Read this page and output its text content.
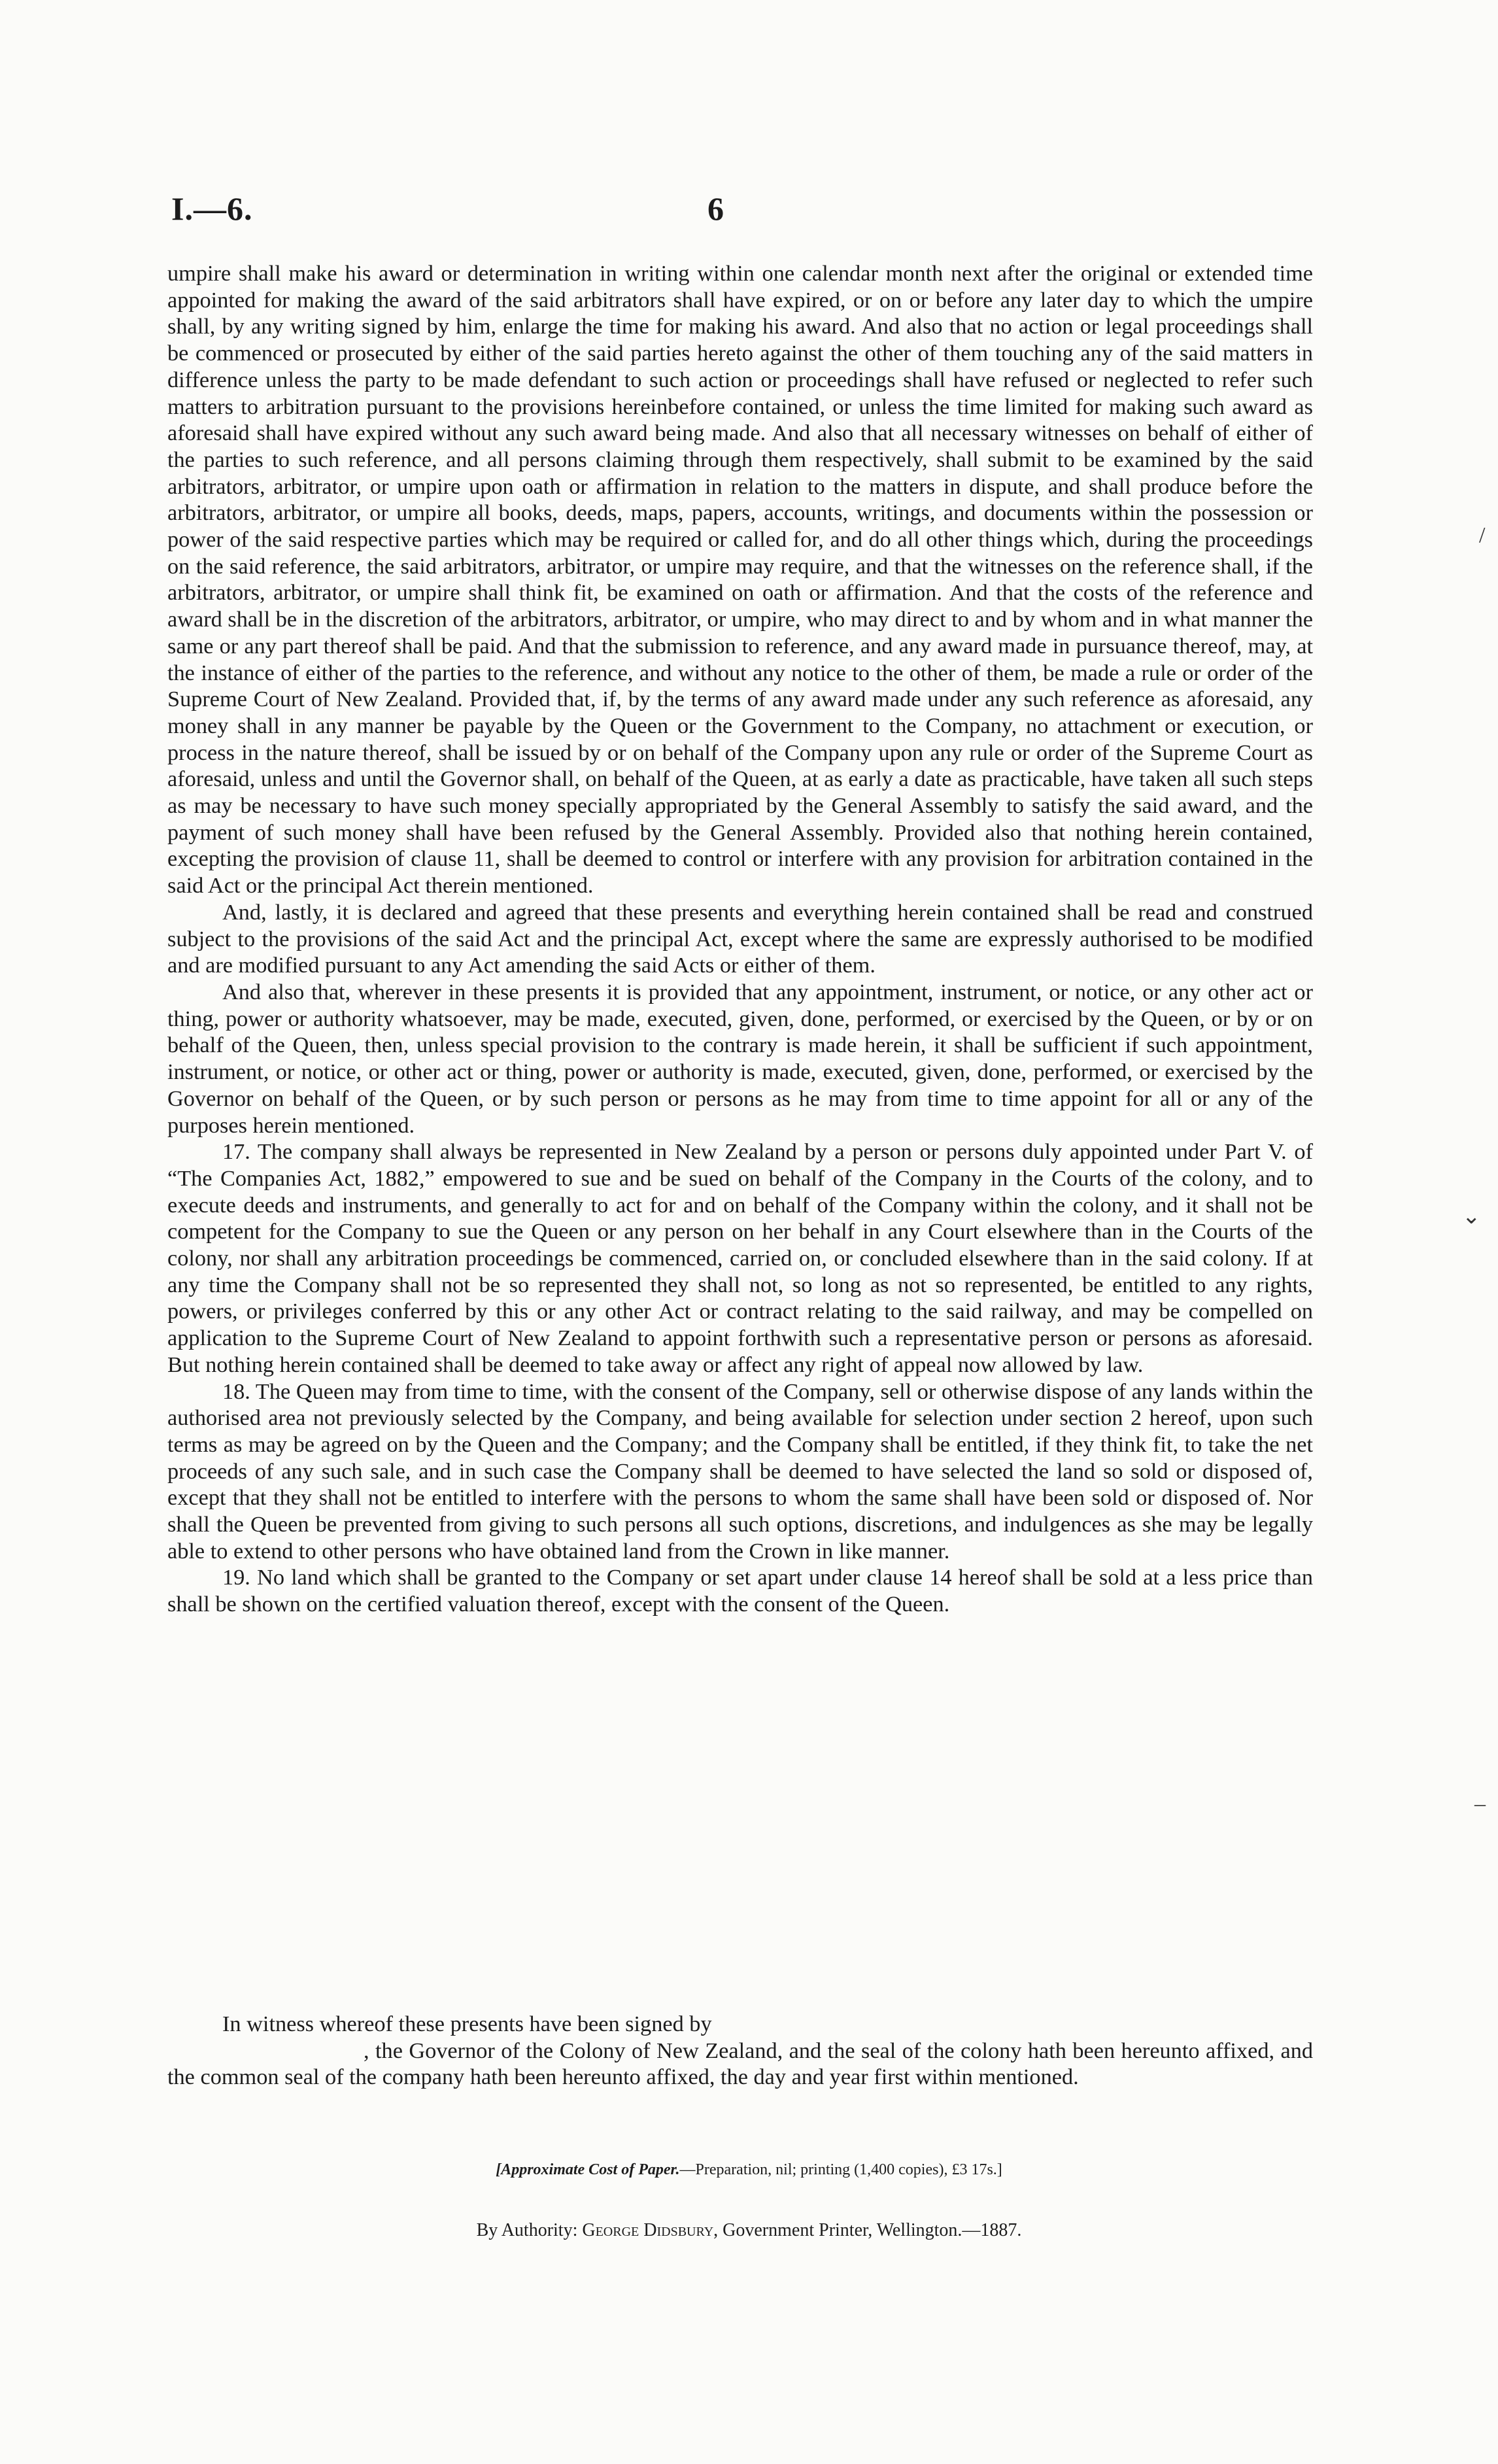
I.—6.	6

umpire shall make his award or determination in writing within one calendar month next after the original or extended time appointed for making the award of the said arbitrators shall have expired, or on or before any later day to which the umpire shall, by any writing signed by him, enlarge the time for making his award. And also that no action or legal proceedings shall be commenced or prosecuted by either of the said parties hereto against the other of them touching any of the said matters in difference unless the party to be made defendant to such action or proceedings shall have refused or neglected to refer such matters to arbitration pursuant to the provisions hereinbefore contained, or unless the time limited for making such award as aforesaid shall have expired without any such award being made. And also that all necessary witnesses on behalf of either of the parties to such reference, and all persons claiming through them respectively, shall submit to be examined by the said arbitrators, arbitrator, or umpire upon oath or affirmation in relation to the matters in dispute, and shall produce before the arbitrators, arbitrator, or umpire all books, deeds, maps, papers, accounts, writings, and documents within the possession or power of the said respective parties which may be required or called for, and do all other things which, during the proceedings on the said reference, the said arbitrators, arbitrator, or umpire may require, and that the witnesses on the reference shall, if the arbitrators, arbitrator, or umpire shall think fit, be examined on oath or affirmation. And that the costs of the reference and award shall be in the discretion of the arbitrators, arbitrator, or umpire, who may direct to and by whom and in what manner the same or any part thereof shall be paid. And that the submission to reference, and any award made in pursuance thereof, may, at the instance of either of the parties to the reference, and without any notice to the other of them, be made a rule or order of the Supreme Court of New Zealand. Provided that, if, by the terms of any award made under any such reference as aforesaid, any money shall in any manner be payable by the Queen or the Government to the Company, no attachment or execution, or process in the nature thereof, shall be issued by or on behalf of the Company upon any rule or order of the Supreme Court as aforesaid, unless and until the Governor shall, on behalf of the Queen, at as early a date as practicable, have taken all such steps as may be necessary to have such money specially appropriated by the General Assembly to satisfy the said award, and the payment of such money shall have been refused by the General Assembly. Provided also that nothing herein contained, excepting the provision of clause 11, shall be deemed to control or interfere with any provision for arbitration contained in the said Act or the principal Act therein mentioned.

And, lastly, it is declared and agreed that these presents and everything herein contained shall be read and construed subject to the provisions of the said Act and the principal Act, except where the same are expressly authorised to be modified and are modified pursuant to any Act amending the said Acts or either of them.

And also that, wherever in these presents it is provided that any appointment, instrument, or notice, or any other act or thing, power or authority whatsoever, may be made, executed, given, done, performed, or exercised by the Queen, or by or on behalf of the Queen, then, unless special provision to the contrary is made herein, it shall be sufficient if such appointment, instrument, or notice, or other act or thing, power or authority is made, executed, given, done, performed, or exercised by the Governor on behalf of the Queen, or by such person or persons as he may from time to time appoint for all or any of the purposes herein mentioned.

17. The company shall always be represented in New Zealand by a person or persons duly appointed under Part V. of “The Companies Act, 1882,” empowered to sue and be sued on behalf of the Company in the Courts of the colony, and to execute deeds and instruments, and generally to act for and on behalf of the Company within the colony, and it shall not be competent for the Company to sue the Queen or any person on her behalf in any Court elsewhere than in the Courts of the colony, nor shall any arbitration proceedings be commenced, carried on, or concluded elsewhere than in the said colony. If at any time the Company shall not be so represented they shall not, so long as not so represented, be entitled to any rights, powers, or privileges conferred by this or any other Act or contract relating to the said railway, and may be compelled on application to the Supreme Court of New Zealand to appoint forthwith such a representative person or persons as aforesaid. But nothing herein contained shall be deemed to take away or affect any right of appeal now allowed by law.

18. The Queen may from time to time, with the consent of the Company, sell or otherwise dispose of any lands within the authorised area not previously selected by the Company, and being available for selection under section 2 hereof, upon such terms as may be agreed on by the Queen and the Company; and the Company shall be entitled, if they think fit, to take the net proceeds of any such sale, and in such case the Company shall be deemed to have selected the land so sold or disposed of, except that they shall not be entitled to interfere with the persons to whom the same shall have been sold or disposed of. Nor shall the Queen be prevented from giving to such persons all such options, discretions, and indulgences as she may be legally able to extend to other persons who have obtained land from the Crown in like manner.

19. No land which shall be granted to the Company or set apart under clause 14 hereof shall be sold at a less price than shall be shown on the certified valuation thereof, except with the consent of the Queen.

In witness whereof these presents have been signed by

, the Governor of the Colony of New Zealand, and the seal of the colony hath been hereunto affixed, and the common seal of the company hath been hereunto affixed, the day and year first within mentioned.

[Approximate Cost of Paper.—Preparation, nil; printing (1,400 copies), £3 17s.]
By Authority: George Didsbury, Government Printer, Wellington.—1887.
/
⌄
–
